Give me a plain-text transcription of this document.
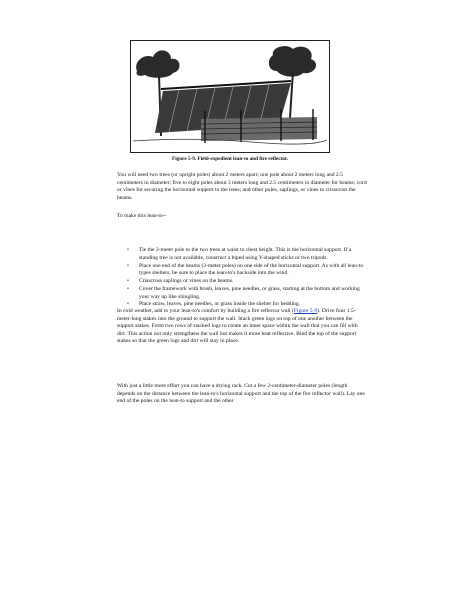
Figure 5-9. Field-expedient lean-to and fire reflector.
You will need two trees (or upright poles) about 2 meters apart; one pole about 2 meters long and 2.5 centimeters in diameter; five to eight poles about 3 meters long and 2.5 centimeters in diameter for beams; cord or vines for securing the horizontal support to the trees; and other poles, saplings, or vines to crisscross the beams.
To make this lean-to--
• Tie the 2-meter pole to the two trees at waist to chest height. This is the horizontal support. If a standing tree is not available, construct a biped using Y-shaped sticks or two tripods.
• Place one end of the beams (3-meter poles) on one side of the horizontal support. As with all lean-to types shelters, be sure to place the lean-to's backside into the wind.
• Crisscross saplings or vines on the beams.
• Cover the framework with brush, leaves, pine needles, or grass, starting at the bottom and working your way up like shingling.
• Place straw, leaves, pine needles, or grass inside the shelter for bedding.
In cold weather, add to your lean-to's comfort by building a fire reflector wall (Figure 5-9). Drive four 1.5-meter-long stakes into the ground to support the wall. Stack green logs on top of one another between the support stakes. Form two rows of stacked logs to create an inner space within the wall that you can fill with dirt. This action not only strengthens the wall but makes it more heat reflective. Bind the top of the support stakes so that the green logs and dirt will stay in place.
With just a little more effort you can have a drying rack. Cut a few 2-centimeter-diameter poles (length depends on the distance between the lean-to's horizontal support and the top of the fire reflector wall). Lay one end of the poles on the lean-to support and the other
